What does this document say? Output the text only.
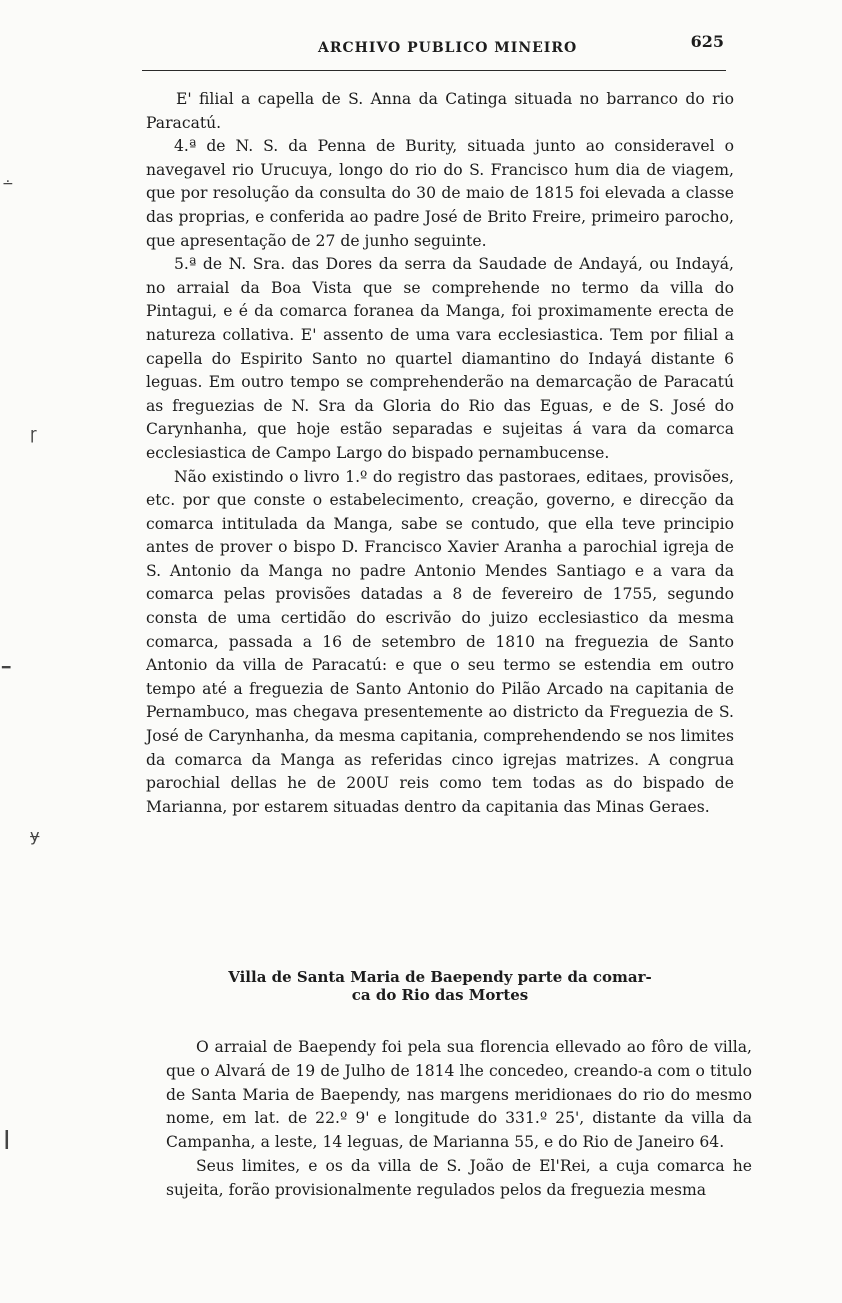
ARCHIVO PUBLICO MINEIRO	625
∸
ɼ
━
ɏ
┃

E' filial a capella de S. Anna da Catinga situada no barranco do rio Paracatú.

4.ª de N. S. da Penna de Burity, situada junto ao consideravel o navegavel rio Urucuya, longo do rio do S. Francisco hum dia de viagem, que por resolução da consulta do 30 de maio de 1815 foi elevada a classe das proprias, e conferida ao padre José de Brito Freire, primeiro parocho, que apresentação de 27 de junho seguinte.

5.ª de N. Sra. das Dores da serra da Saudade de Andayá, ou Indayá, no arraial da Boa Vista que se comprehende no termo da villa do Pintagui, e é da comarca foranea da Manga, foi proximamente erecta de natureza collativa. E' assento de uma vara ecclesiastica. Tem por filial a capella do Espirito Santo no quartel diamantino do Indayá distante 6 leguas. Em outro tempo se comprehenderão na demarcação de Paracatú as freguezias de N. Sra da Gloria do Rio das Eguas, e de S. José do Carynhanha, que hoje estão separadas e sujeitas á vara da comarca ecclesiastica de Campo Largo do bispado pernambucense.

Não existindo o livro 1.º do registro das pastoraes, editaes, provisões, etc. por que conste o estabelecimento, creação, governo, e direcção da comarca intitulada da Manga, sabe se contudo, que ella teve principio antes de prover o bispo D. Francisco Xavier Aranha a parochial igreja de S. Antonio da Manga no padre Antonio Mendes Santiago e a vara da comarca pelas provisões datadas a 8 de fevereiro de 1755, segundo consta de uma certidão do escrivão do juizo ecclesiastico da mesma comarca, passada a 16 de setembro de 1810 na freguezia de Santo Antonio da villa de Paracatú: e que o seu termo se estendia em outro tempo até a freguezia de Santo Antonio do Pilão Arcado na capitania de Pernambuco, mas chegava presentemente ao districto da Freguezia de S. José de Carynhanha, da mesma capitania, comprehendendo se nos limites da comarca da Manga as referidas cinco igrejas matrizes. A congrua parochial dellas he de 200U reis como tem todas as do bispado de Marianna, por estarem situadas dentro da capitania das Minas Geraes.

Villa de Santa Maria de Baependy parte da comar-
ca do Rio das Mortes

O arraial de Baependy foi pela sua florencia ellevado ao fôro de villa, que o Alvará de 19 de Julho de 1814 lhe concedeo, creando-a com o titulo de Santa Maria de Baependy, nas margens meridionaes do rio do mesmo nome, em lat. de 22.º 9' e longitude do 331.º 25', distante da villa da Campanha, a leste, 14 leguas, de Marianna 55, e do Rio de Janeiro 64.

Seus limites, e os da villa de S. João de El'Rei, a cuja comarca he sujeita, forão provisionalmente regulados pelos da freguezia mesma
